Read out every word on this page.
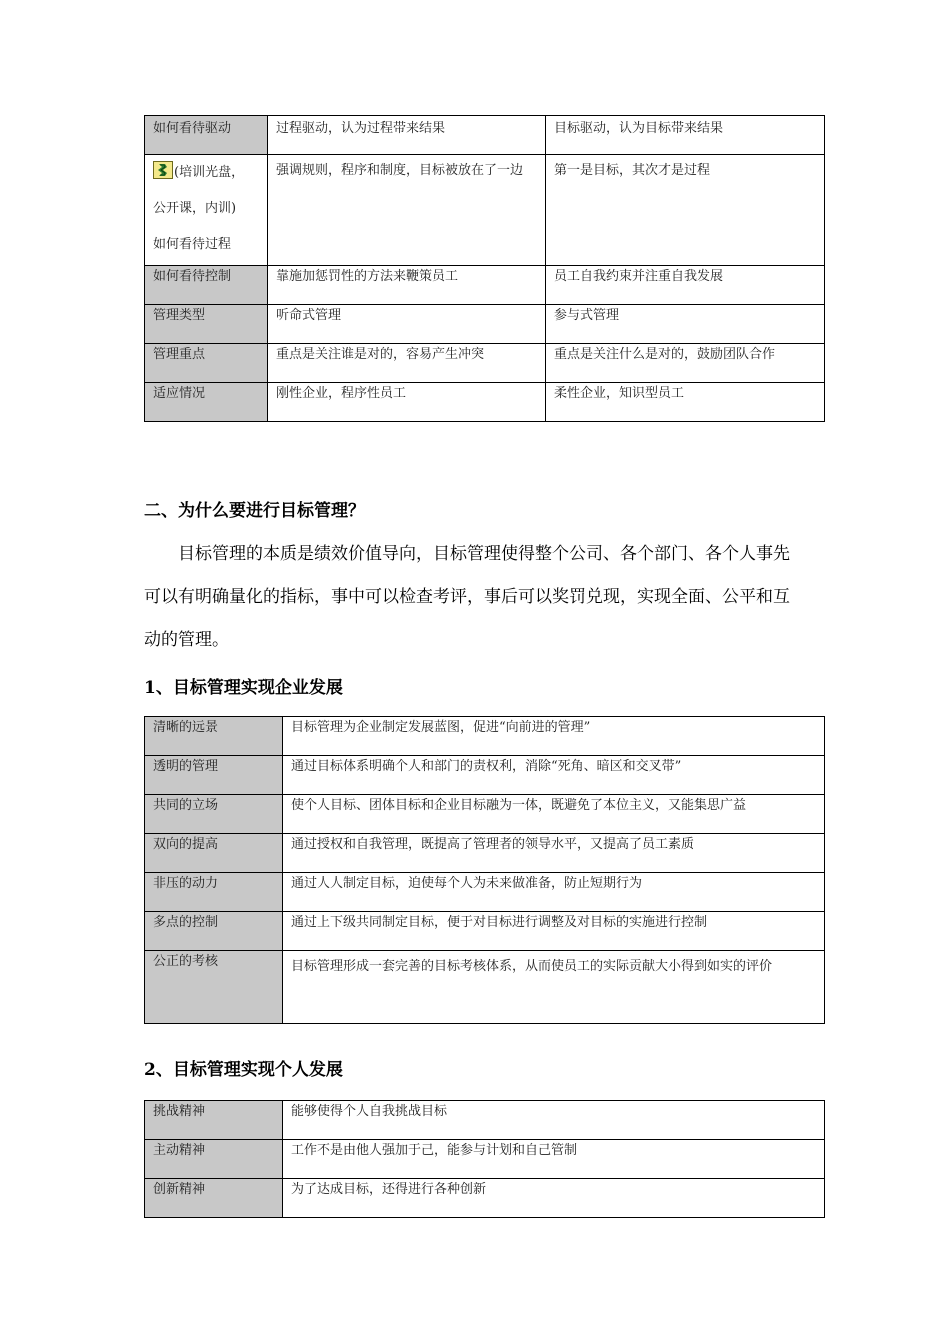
如何看待驱动	过程驱动，认为过程带来结果	目标驱动，认为目标带来结果

(培训光盘，
公开课，内训)
如何看待过程	强调规则，程序和制度，目标被放在了一边	第一是目标，其次才是过程
如何看待控制	靠施加惩罚性的方法来鞭策员工	员工自我约束并注重自我发展
管理类型	听命式管理	参与式管理
管理重点	重点是关注谁是对的，容易产生冲突	重点是关注什么是对的，鼓励团队合作
适应情况	刚性企业，程序性员工	柔性企业，知识型员工
二、为什么要进行目标管理？

目标管理的本质是绩效价值导向，目标管理使得整个公司、各个部门、各个人事先可以有明确量化的指标，事中可以检查考评，事后可以奖罚兑现，实现全面、公平和互动的管理。

1、目标管理实现企业发展
清晰的远景	目标管理为企业制定发展蓝图，促进“向前进的管理”
透明的管理	通过目标体系明确个人和部门的责权利，消除“死角、暗区和交叉带”
共同的立场	使个人目标、团体目标和企业目标融为一体，既避免了本位主义，又能集思广益
双向的提高	通过授权和自我管理，既提高了管理者的领导水平，又提高了员工素质
非压的动力	通过人人制定目标，迫使每个人为未来做准备，防止短期行为
多点的控制	通过上下级共同制定目标，便于对目标进行调整及对目标的实施进行控制
公正的考核	目标管理形成一套完善的目标考核体系，从而使员工的实际贡献大小得到如实的评价
2、目标管理实现个人发展
挑战精神	能够使得个人自我挑战目标
主动精神	工作不是由他人强加于己，能参与计划和自己管制
创新精神	为了达成目标，还得进行各种创新
